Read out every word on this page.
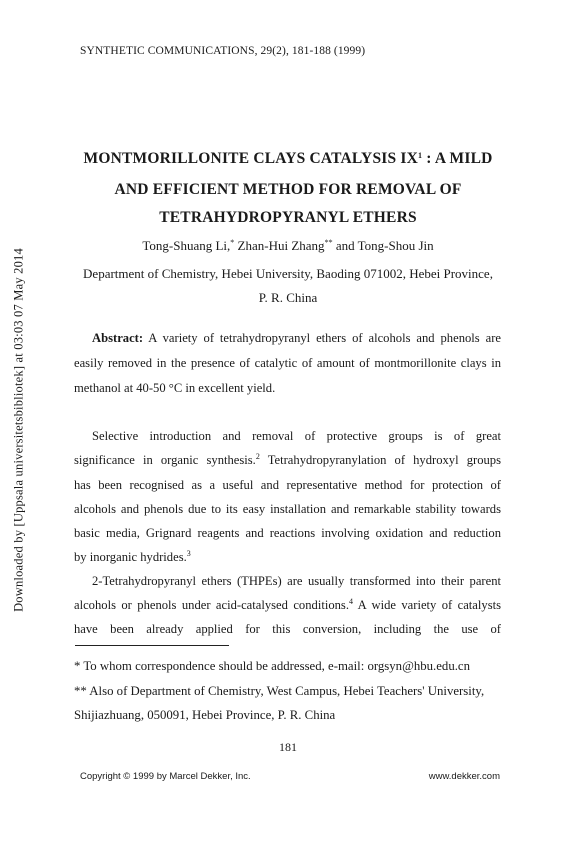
SYNTHETIC COMMUNICATIONS, 29(2), 181-188 (1999)
Downloaded by [Uppsala universitetsbibliotek] at 03:03 07 May 2014
MONTMORILLONITE CLAYS CATALYSIS $IX^1$ : A MILD
AND EFFICIENT METHOD FOR REMOVAL OF
TETRAHYDROPYRANYL ETHERS
Tong-Shuang Li,* Zhan-Hui Zhang** and Tong-Shou Jin
Department of Chemistry, Hebei University, Baoding 071002, Hebei Province,
P. R. China
Abstract: A variety of tetrahydropyranyl ethers of alcohols and phenols are
easily removed in the presence of catalytic of amount of montmorillonite clays in
methanol at 40-50 °C in excellent yield.
Selective introduction and removal of protective groups is of great
significance in organic synthesis.$^2$ Tetrahydropyranylation of hydroxyl groups
has been recognised as a useful and representative method for protection of
alcohols and phenols due to its easy installation and remarkable stability towards
basic media, Grignard reagents and reactions involving oxidation and reduction
by inorganic hydrides.$^3$
2-Tetrahydropyranyl ethers (THPEs) are usually transformed into their parent
alcohols or phenols under acid-catalysed conditions.$^4$ A wide variety of catalysts
have been already applied for this conversion, including the use of
* To whom correspondence should be addressed, e-mail: orgsyn@hbu.edu.cn
** Also of Department of Chemistry, West Campus, Hebei Teachers' University,
Shijiazhuang, 050091, Hebei Province, P. R. China
181
Copyright © 1999 by Marcel Dekker, Inc.	www.dekker.com
